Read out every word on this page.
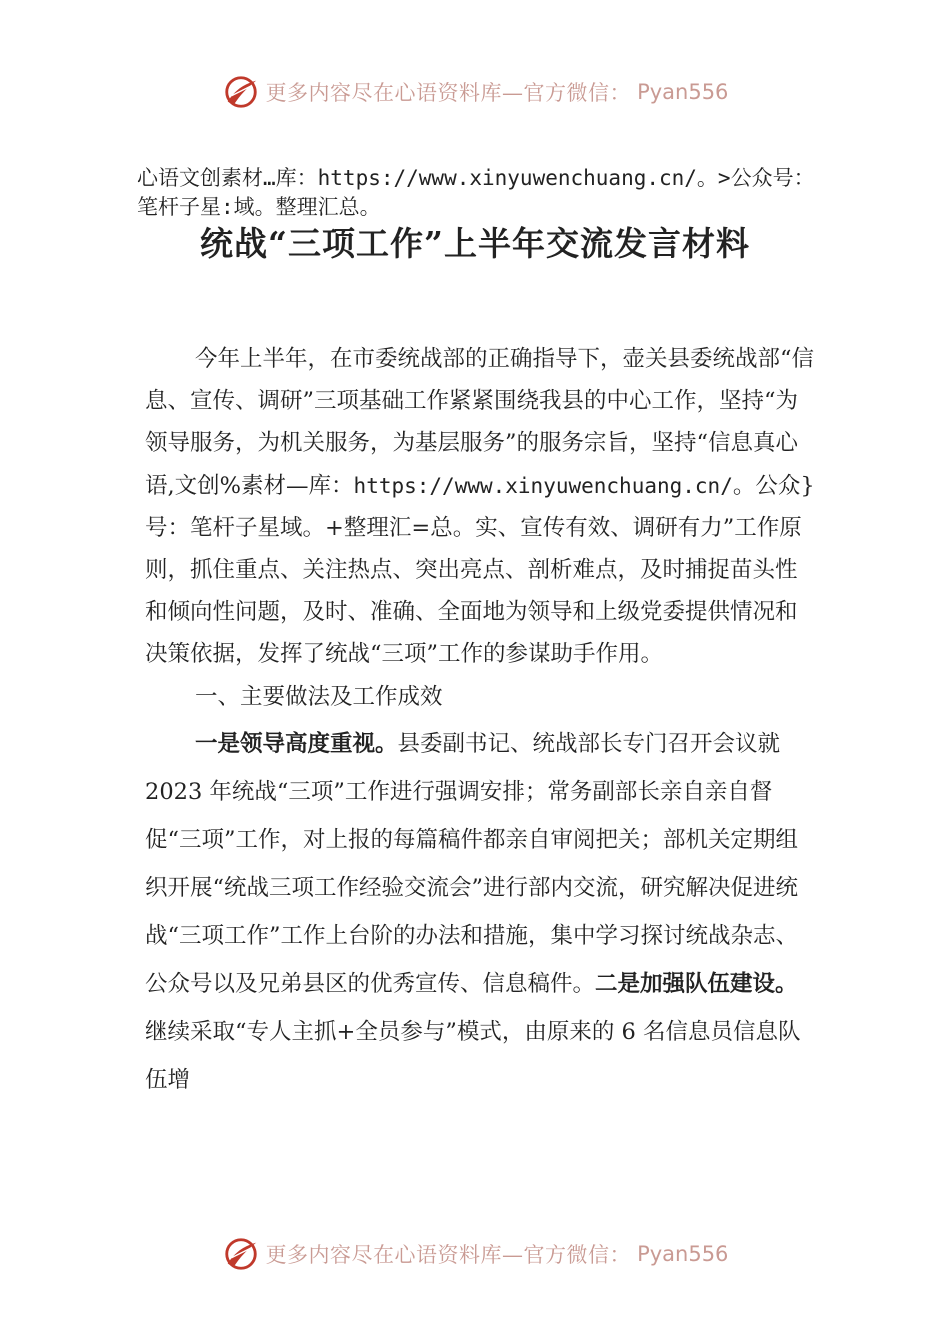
更多内容尽在心语资料库—官方微信： Pyan556
心语文创素材…库：https://www.xinyuwenchuang.cn/。>公众号：笔杆子星:域。整理汇总。
统战“三项工作”上半年交流发言材料

今年上半年，在市委统战部的正确指导下，壶关县委统战部“信息、宣传、调研”三项基础工作紧紧围绕我县的中心工作，坚持“为领导服务，为机关服务，为基层服务”的服务宗旨，坚持“信息真心语,文创%素材—库：https://www.xinyuwenchuang.cn/。公众}号：笔杆子星域。+整理汇=总。实、宣传有效、调研有力”工作原则，抓住重点、关注热点、突出亮点、剖析难点，及时捕捉苗头性和倾向性问题，及时、准确、全面地为领导和上级党委提供情况和决策依据，发挥了统战“三项”工作的参谋助手作用。

一、主要做法及工作成效

一是领导高度重视。县委副书记、统战部长专门召开会议就 2023 年统战“三项”工作进行强调安排；常务副部长亲自亲自督促“三项”工作，对上报的每篇稿件都亲自审阅把关；部机关定期组织开展“统战三项工作经验交流会”进行部内交流，研究解决促进统战“三项工作”工作上台阶的办法和措施，集中学习探讨统战杂志、公众号以及兄弟县区的优秀宣传、信息稿件。二是加强队伍建设。继续采取“专人主抓+全员参与”模式，由原来的 6 名信息员信息队伍增

更多内容尽在心语资料库—官方微信： Pyan556
